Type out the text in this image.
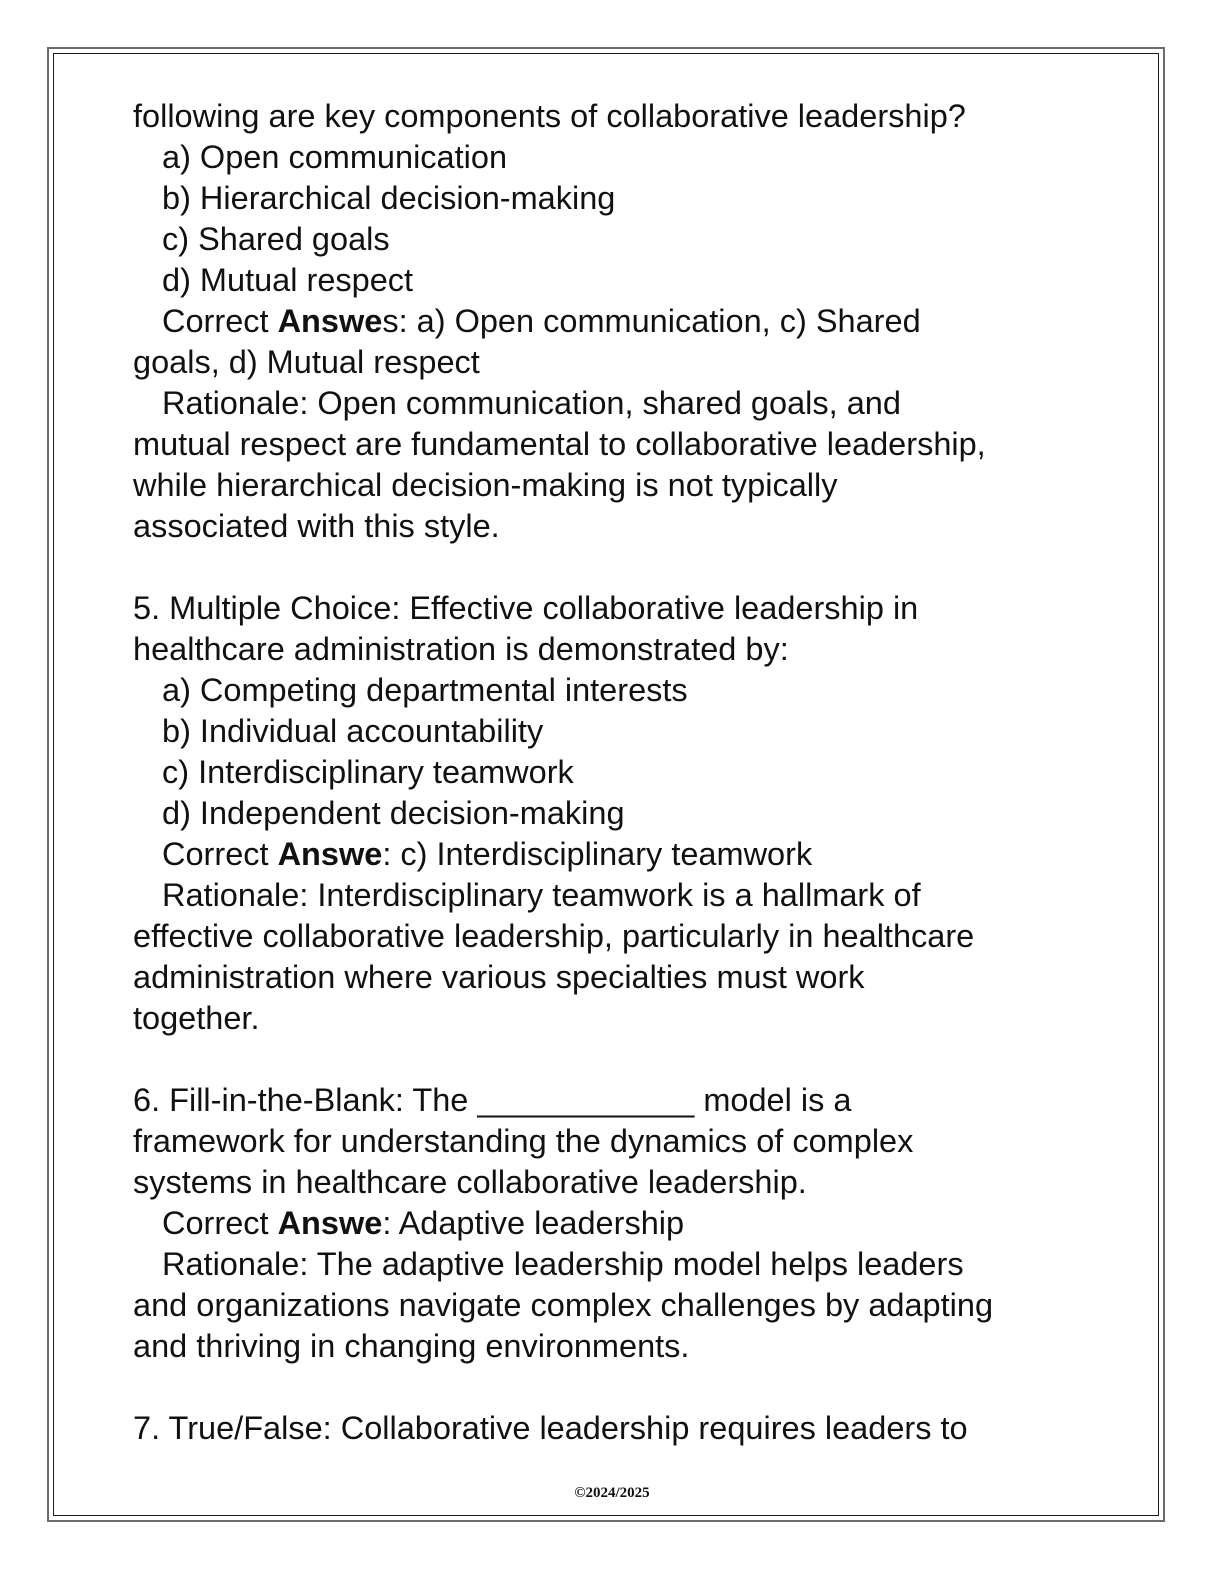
following are key components of collaborative leadership?
a) Open communication
b) Hierarchical decision-making
c) Shared goals
d) Mutual respect
Correct Answes: a) Open communication, c) Shared
goals, d) Mutual respect
Rationale: Open communication, shared goals, and
mutual respect are fundamental to collaborative leadership,
while hierarchical decision-making is not typically
associated with this style.
5. Multiple Choice: Effective collaborative leadership in
healthcare administration is demonstrated by:
a) Competing departmental interests
b) Individual accountability
c) Interdisciplinary teamwork
d) Independent decision-making
Correct Answe: c) Interdisciplinary teamwork
Rationale: Interdisciplinary teamwork is a hallmark of
effective collaborative leadership, particularly in healthcare
administration where various specialties must work
together.
6. Fill-in-the-Blank: The ____________ model is a
framework for understanding the dynamics of complex
systems in healthcare collaborative leadership.
Correct Answe: Adaptive leadership
Rationale: The adaptive leadership model helps leaders
and organizations navigate complex challenges by adapting
and thriving in changing environments.
7. True/False: Collaborative leadership requires leaders to
©2024/2025
